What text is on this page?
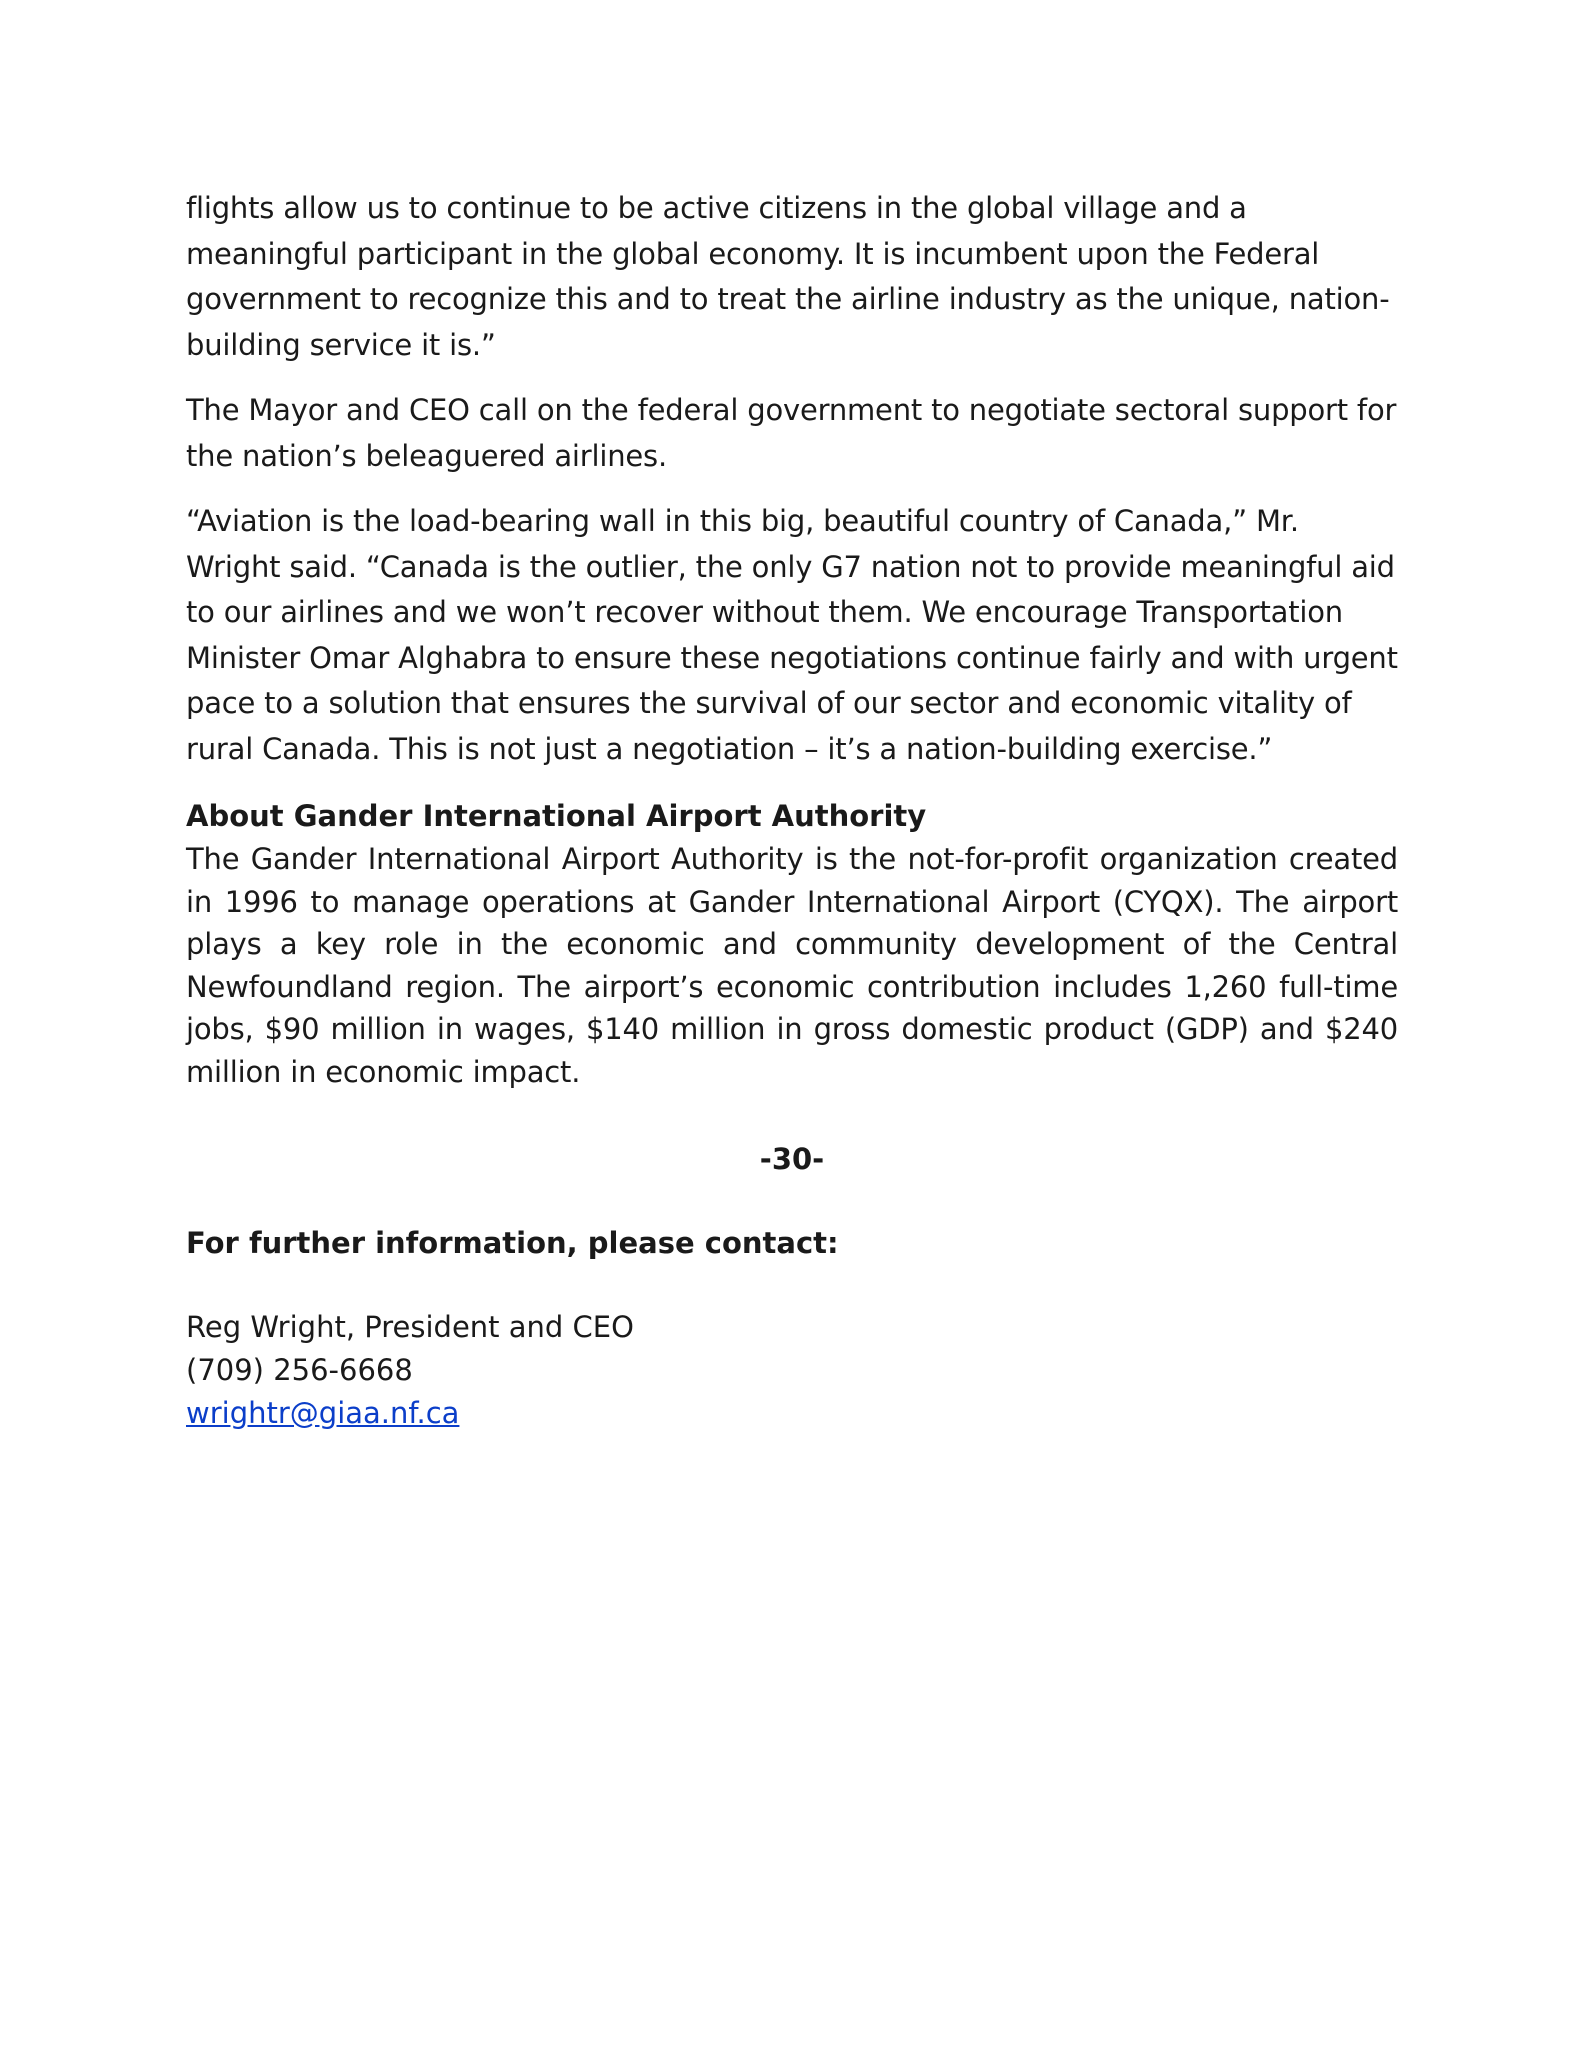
flights allow us to continue to be active citizens in the global village and a meaningful participant in the global economy. It is incumbent upon the Federal government to recognize this and to treat the airline industry as the unique, nation-building service it is.”

The Mayor and CEO call on the federal government to negotiate sectoral support for the nation’s beleaguered airlines.

“Aviation is the load-bearing wall in this big, beautiful country of Canada,” Mr. Wright said. “Canada is the outlier, the only G7 nation not to provide meaningful aid to our airlines and we won’t recover without them. We encourage Transportation Minister Omar Alghabra to ensure these negotiations continue fairly and with urgent pace to a solution that ensures the survival of our sector and economic vitality of rural Canada. This is not just a negotiation – it’s a nation-building exercise.”

About Gander International Airport Authority

The Gander International Airport Authority is the not-for-profit organization created in 1996 to manage operations at Gander International Airport (CYQX). The airport plays a key role in the economic and community development of the Central Newfoundland region. The airport’s economic contribution includes 1,260 full-time jobs, $90 million in wages, $140 million in gross domestic product (GDP) and $240 million in economic impact.

-30-
For further information, please contact:
Reg Wright, President and CEO
(709) 256-6668
wrightr@giaa.nf.ca
